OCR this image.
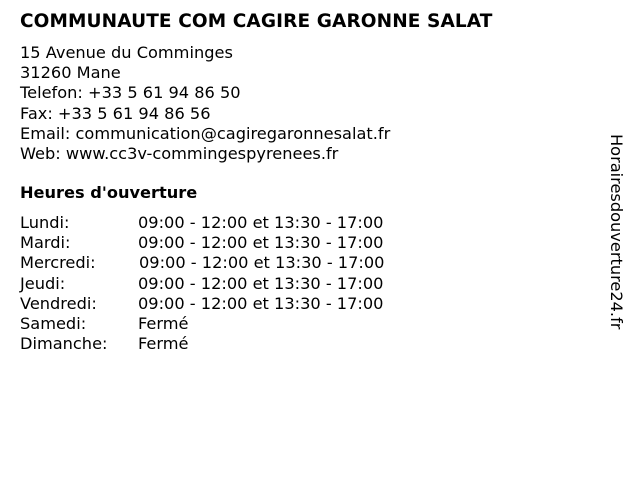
COMMUNAUTE COM CAGIRE GARONNE SALAT
15 Avenue du Comminges
31260 Mane
Telefon: +33 5 61 94 86 50
Fax: +33 5 61 94 86 56
Email: communication@cagiregaronnesalat.fr
Web: www.cc3v-commingespyrenees.fr
Heures d'ouverture
Lundi:	09:00 - 12:00 et 13:30 - 17:00
Mardi:	09:00 - 12:00 et 13:30 - 17:00
Mercredi:	09:00 - 12:00 et 13:30 - 17:00
Jeudi:	09:00 - 12:00 et 13:30 - 17:00
Vendredi:	09:00 - 12:00 et 13:30 - 17:00
Samedi:	Fermé
Dimanche: Fermé
Horairesdouverture24.fr
